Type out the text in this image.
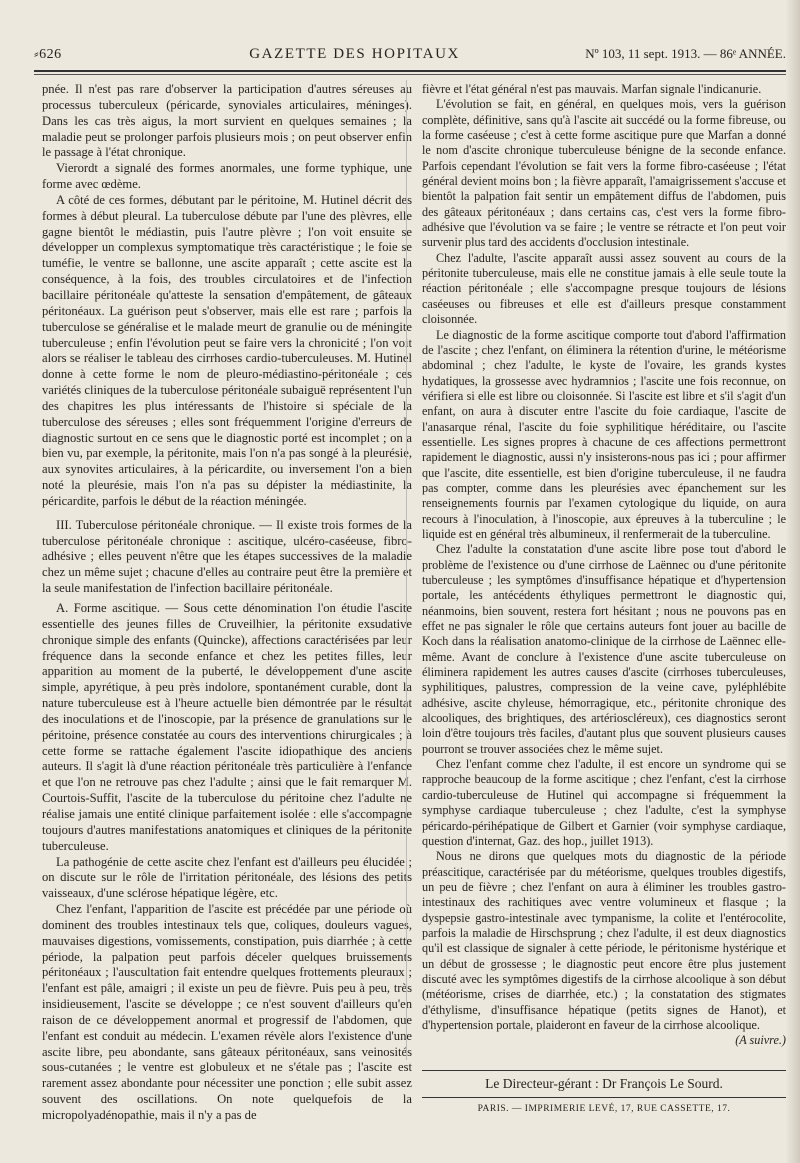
⸗626	GAZETTE DES HOPITAUX	Nº 103, 11 sept. 1913. — 86ᵉ ANNÉE.

pnée. Il n'est pas rare d'observer la participation d'autres séreuses au processus tuberculeux (péricarde, synoviales articulaires, méninges). Dans les cas très aigus, la mort survient en quelques semaines ; la maladie peut se prolonger parfois plusieurs mois ; on peut observer enfin le passage à l'état chronique.

Vierordt a signalé des formes anormales, une forme typhique, une forme avec œdème.

A côté de ces formes, débutant par le péritoine, M. Hutinel décrit des formes à début pleural. La tuberculose débute par l'une des plèvres, elle gagne bientôt le médiastin, puis l'autre plèvre ; l'on voit ensuite se développer un complexus symptomatique très caractéristique ; le foie se tuméfie, le ventre se ballonne, une ascite apparaît ; cette ascite est la conséquence, à la fois, des troubles circulatoires et de l'infection bacillaire péritonéale qu'atteste la sensation d'empâtement, de gâteaux péritonéaux. La guérison peut s'observer, mais elle est rare ; parfois la tuberculose se généralise et le malade meurt de granulie ou de méningite tuberculeuse ; enfin l'évolution peut se faire vers la chronicité ; l'on voit alors se réaliser le tableau des cirrhoses cardio-tuberculeuses. M. Hutinel donne à cette forme le nom de pleuro-médiastino-péritonéale ; ces variétés cliniques de la tuberculose péritonéale subaiguë représentent l'un des chapitres les plus intéressants de l'histoire si spéciale de la tuberculose des séreuses ; elles sont fréquemment l'origine d'erreurs de diagnostic surtout en ce sens que le diagnostic porté est incomplet ; on a bien vu, par exemple, la péritonite, mais l'on n'a pas songé à la pleurésie, aux synovites articulaires, à la péricardite, ou inversement l'on a bien noté la pleurésie, mais l'on n'a pas su dépister la médiastinite, la péricardite, parfois le début de la réaction méningée.

III. Tuberculose péritonéale chronique. — Il existe trois formes de la tuberculose péritonéale chronique : ascitique, ulcéro-caséeuse, fibro-adhésive ; elles peuvent n'être que les étapes successives de la maladie chez un même sujet ; chacune d'elles au contraire peut être la première et la seule manifestation de l'infection bacillaire péritonéale.

A. Forme ascitique. — Sous cette dénomination l'on étudie l'ascite essentielle des jeunes filles de Cruveilhier, la péritonite exsudative chronique simple des enfants (Quincke), affections caractérisées par leur fréquence dans la seconde enfance et chez les petites filles, leur apparition au moment de la puberté, le développement d'une ascite simple, apyrétique, à peu près indolore, spontanément curable, dont la nature tuberculeuse est à l'heure actuelle bien démontrée par le résultat des inoculations et de l'inoscopie, par la présence de granulations sur le péritoine, présence constatée au cours des interventions chirurgicales ; à cette forme se rattache également l'ascite idiopathique des anciens auteurs. Il s'agit là d'une réaction péritonéale très particulière à l'enfance et que l'on ne retrouve pas chez l'adulte ; ainsi que le fait remarquer M. Courtois-Suffit, l'ascite de la tuberculose du péritoine chez l'adulte ne réalise jamais une entité clinique parfaitement isolée : elle s'accompagne toujours d'autres manifestations anatomiques et cliniques de la péritonite tuberculeuse.

La pathogénie de cette ascite chez l'enfant est d'ailleurs peu élucidée ; on discute sur le rôle de l'irritation péritonéale, des lésions des petits vaisseaux, d'une sclérose hépatique légère, etc.

Chez l'enfant, l'apparition de l'ascite est précédée par une période où dominent des troubles intestinaux tels que, coliques, douleurs vagues, mauvaises digestions, vomissements, constipation, puis diarrhée ; à cette période, la palpation peut parfois déceler quelques bruissements péritonéaux ; l'auscultation fait entendre quelques frottements pleuraux ; l'enfant est pâle, amaigri ; il existe un peu de fièvre. Puis peu à peu, très insidieusement, l'ascite se développe ; ce n'est souvent d'ailleurs qu'en raison de ce développement anormal et progressif de l'abdomen, que l'enfant est conduit au médecin. L'examen révèle alors l'existence d'une ascite libre, peu abondante, sans gâteaux péritonéaux, sans veinosités sous-cutanées ; le ventre est globuleux et ne s'étale pas ; l'ascite est rarement assez abondante pour nécessiter une ponction ; elle subit assez souvent des oscillations. On note quelquefois de la micropolyadénopathie, mais il n'y a pas de

fièvre et l'état général n'est pas mauvais. Marfan signale l'indicanurie.

L'évolution se fait, en général, en quelques mois, vers la guérison complète, définitive, sans qu'à l'ascite ait succédé ou la forme fibreuse, ou la forme caséeuse ; c'est à cette forme ascitique pure que Marfan a donné le nom d'ascite chronique tuberculeuse bénigne de la seconde enfance. Parfois cependant l'évolution se fait vers la forme fibro-caséeuse ; l'état général devient moins bon ; la fièvre apparaît, l'amaigrissement s'accuse et bientôt la palpation fait sentir un empâtement diffus de l'abdomen, puis des gâteaux péritonéaux ; dans certains cas, c'est vers la forme fibro-adhésive que l'évolution va se faire ; le ventre se rétracte et l'on peut voir survenir plus tard des accidents d'occlusion intestinale.

Chez l'adulte, l'ascite apparaît aussi assez souvent au cours de la péritonite tuberculeuse, mais elle ne constitue jamais à elle seule toute la réaction péritonéale ; elle s'accompagne presque toujours de lésions caséeuses ou fibreuses et elle est d'ailleurs presque constamment cloisonnée.

Le diagnostic de la forme ascitique comporte tout d'abord l'affirmation de l'ascite ; chez l'enfant, on éliminera la rétention d'urine, le météorisme abdominal ; chez l'adulte, le kyste de l'ovaire, les grands kystes hydatiques, la grossesse avec hydramnios ; l'ascite une fois reconnue, on vérifiera si elle est libre ou cloisonnée. Si l'ascite est libre et s'il s'agit d'un enfant, on aura à discuter entre l'ascite du foie cardiaque, l'ascite de l'anasarque rénal, l'ascite du foie syphilitique héréditaire, ou l'ascite essentielle. Les signes propres à chacune de ces affections permettront rapidement le diagnostic, aussi n'y insisterons-nous pas ici ; pour affirmer que l'ascite, dite essentielle, est bien d'origine tuberculeuse, il ne faudra pas compter, comme dans les pleurésies avec épanchement sur les renseignements fournis par l'examen cytologique du liquide, on aura recours à l'inoculation, à l'inoscopie, aux épreuves à la tuberculine ; le liquide est en général très albumineux, il renfermerait de la tuberculine.

Chez l'adulte la constatation d'une ascite libre pose tout d'abord le problème de l'existence ou d'une cirrhose de Laënnec ou d'une péritonite tuberculeuse ; les symptômes d'insuffisance hépatique et d'hypertension portale, les antécédents éthyliques permettront le diagnostic qui, néanmoins, bien souvent, restera fort hésitant ; nous ne pouvons pas en effet ne pas signaler le rôle que certains auteurs font jouer au bacille de Koch dans la réalisation anatomo-clinique de la cirrhose de Laënnec elle-même. Avant de conclure à l'existence d'une ascite tuberculeuse on éliminera rapidement les autres causes d'ascite (cirrhoses tuberculeuses, syphilitiques, palustres, compression de la veine cave, pyléphlébite adhésive, ascite chyleuse, hémorragique, etc., péritonite chronique des alcooliques, des brightiques, des artérioscléreux), ces diagnostics seront loin d'être toujours très faciles, d'autant plus que souvent plusieurs causes pourront se trouver associées chez le même sujet.

Chez l'enfant comme chez l'adulte, il est encore un syndrome qui se rapproche beaucoup de la forme ascitique ; chez l'enfant, c'est la cirrhose cardio-tuberculeuse de Hutinel qui accompagne si fréquemment la symphyse cardiaque tuberculeuse ; chez l'adulte, c'est la symphyse péricardo-périhépatique de Gilbert et Garnier (voir symphyse cardiaque, question d'internat, Gaz. des hop., juillet 1913).

Nous ne dirons que quelques mots du diagnostic de la période préascitique, caractérisée par du météorisme, quelques troubles digestifs, un peu de fièvre ; chez l'enfant on aura à éliminer les troubles gastro-intestinaux des rachitiques avec ventre volumineux et flasque ; la dyspepsie gastro-intestinale avec tympanisme, la colite et l'entérocolite, parfois la maladie de Hirschsprung ; chez l'adulte, il est deux diagnostics qu'il est classique de signaler à cette période, le péritonisme hystérique et un début de grossesse ; le diagnostic peut encore être plus justement discuté avec les symptômes digestifs de la cirrhose alcoolique à son début (météorisme, crises de diarrhée, etc.) ; la constatation des stigmates d'éthylisme, d'insuffisance hépatique (petits signes de Hanot), et d'hypertension portale, plaideront en faveur de la cirrhose alcoolique.

(A suivre.)

Le Directeur-gérant : Dr François Le Sourd.
PARIS. — IMPRIMERIE LEVÉ, 17, RUE CASSETTE, 17.
